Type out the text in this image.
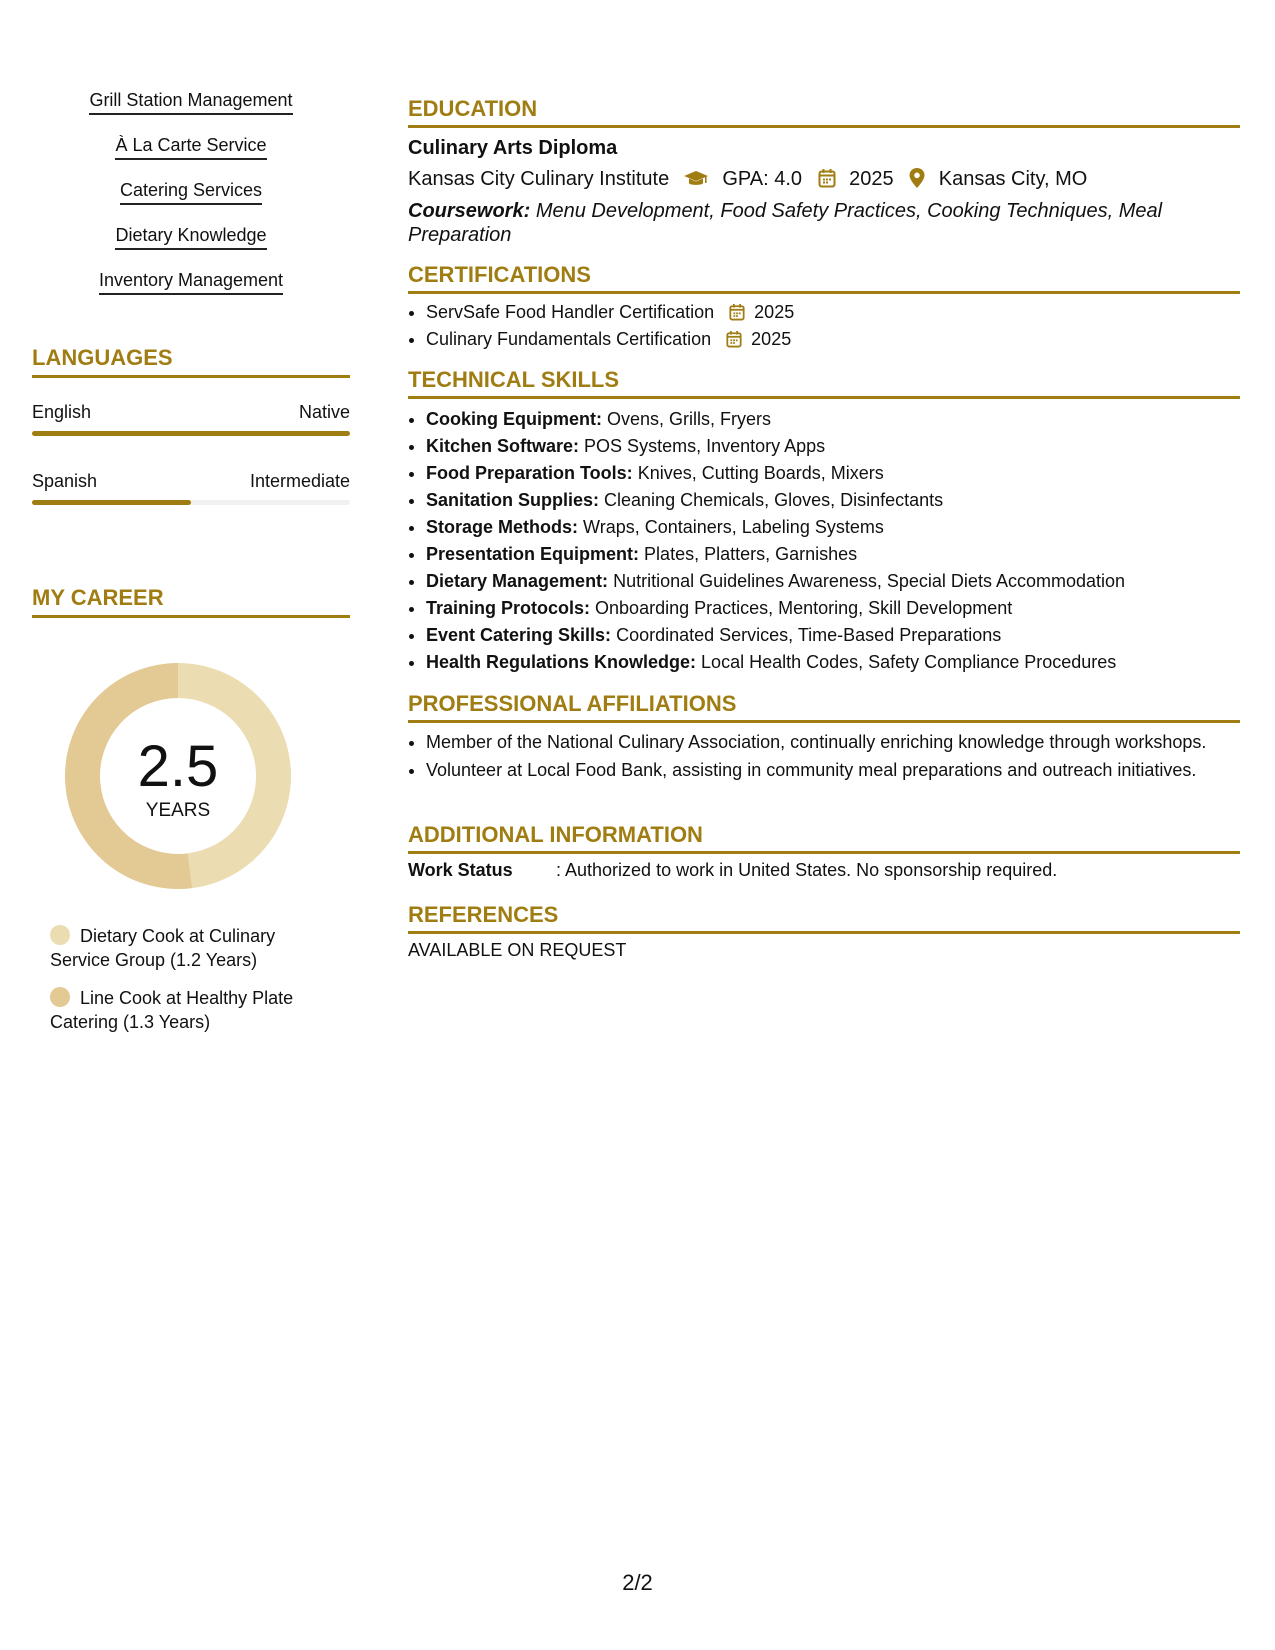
Grill Station Management
À La Carte Service
Catering Services
Dietary Knowledge
Inventory Management
LANGUAGES
English	Native
Spanish	Intermediate
MY CAREER
2.5
YEARS
Dietary Cook at Culinary Service Group (1.2 Years)
Line Cook at Healthy Plate Catering (1.3 Years)
EDUCATION
Culinary Arts Diploma
Kansas City Culinary Institute	GPA: 4.0 2025 Kansas City, MO
Coursework: Menu Development, Food Safety Practices, Cooking Techniques, Meal Preparation
CERTIFICATIONS
• ServSafe Food Handler Certification 2025
• Culinary Fundamentals Certification 2025
TECHNICAL SKILLS
• Cooking Equipment: Ovens, Grills, Fryers
• Kitchen Software: POS Systems, Inventory Apps
• Food Preparation Tools: Knives, Cutting Boards, Mixers
• Sanitation Supplies: Cleaning Chemicals, Gloves, Disinfectants
• Storage Methods: Wraps, Containers, Labeling Systems
• Presentation Equipment: Plates, Platters, Garnishes
• Dietary Management: Nutritional Guidelines Awareness, Special Diets Accommodation
• Training Protocols: Onboarding Practices, Mentoring, Skill Development
• Event Catering Skills: Coordinated Services, Time-Based Preparations
• Health Regulations Knowledge: Local Health Codes, Safety Compliance Procedures
PROFESSIONAL AFFILIATIONS
• Member of the National Culinary Association, continually enriching knowledge through workshops.
• Volunteer at Local Food Bank, assisting in community meal preparations and outreach initiatives.
ADDITIONAL INFORMATION
Work Status : Authorized to work in United States. No sponsorship required.
REFERENCES
AVAILABLE ON REQUEST
2/2
